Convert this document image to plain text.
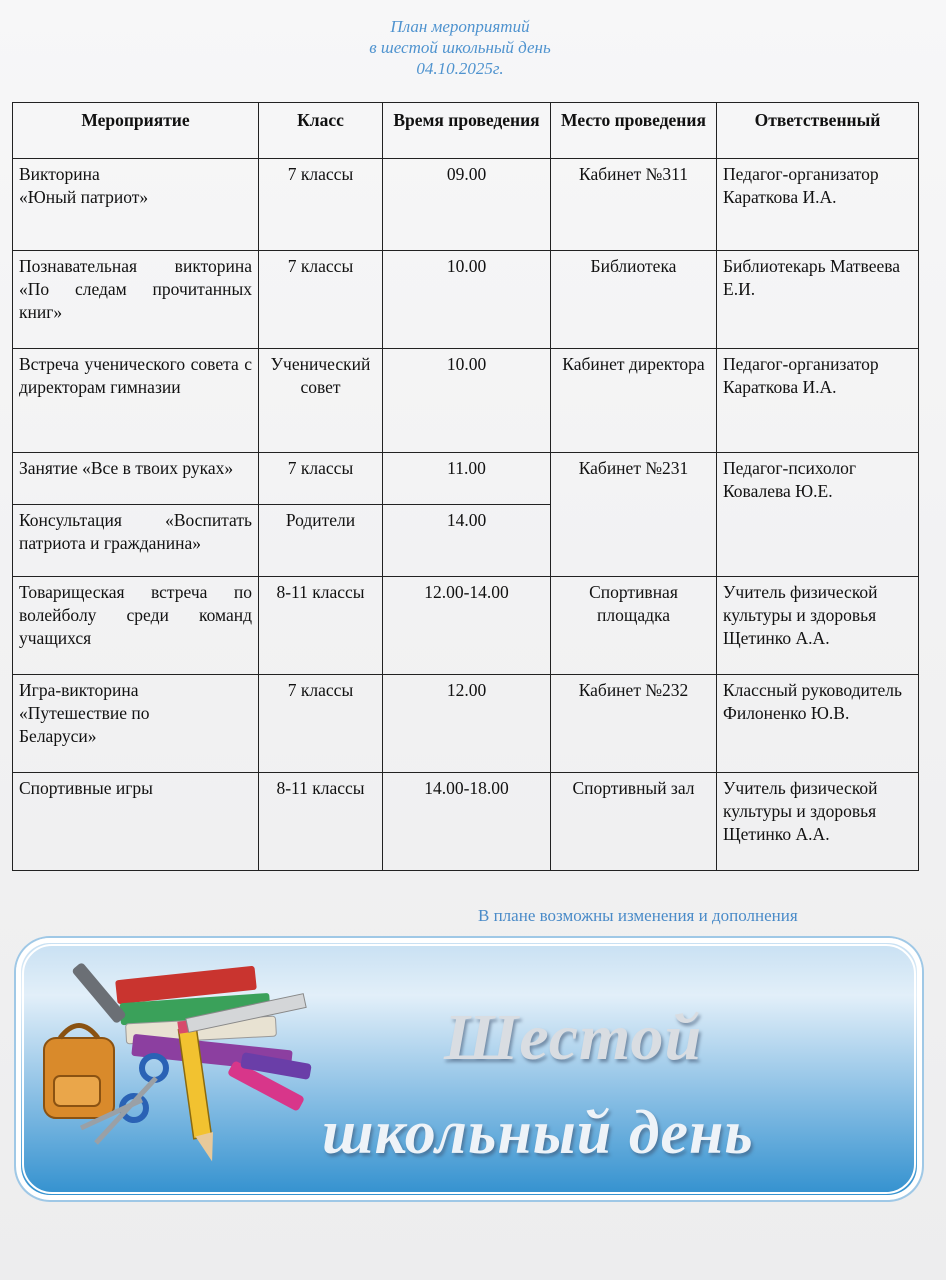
План мероприятий
в шестой школьный день
04.10.2025г.
Мероприятие	Класс	Время проведения	Место проведения	Ответственный

Викторина
«Юный патриот»	7 классы	09.00	Кабинет №311	Педагог-организатор Караткова И.А.
Познавательная викторина «По следам прочитанных книг»	7 классы	10.00	Библиотека	Библиотекарь Матвеева Е.И.
Встреча ученического совета с директорам гимназии	Ученический совет	10.00	Кабинет директора	Педагог-организатор Караткова И.А.
Занятие «Все в твоих руках»	7 классы	11.00	Кабинет №231	Педагог-психолог Ковалева Ю.Е.
Консультация «Воспитать патриота и гражданина»	Родители	14.00		
Товарищеская встреча по волейболу среди команд учащихся	8-11 классы	12.00-14.00	Спортивная площадка	Учитель физической культуры и здоровья Щетинко А.А.

Игра-викторина
«Путешествие по
Беларуси»	7 классы	12.00	Кабинет №232	Классный руководитель Филоненко Ю.В.
Спортивные игры	8-11 классы	14.00-18.00	Спортивный зал	Учитель физической культуры и здоровья Щетинко А.А.
В плане возможны изменения и дополнения
Шестой
школьный день
